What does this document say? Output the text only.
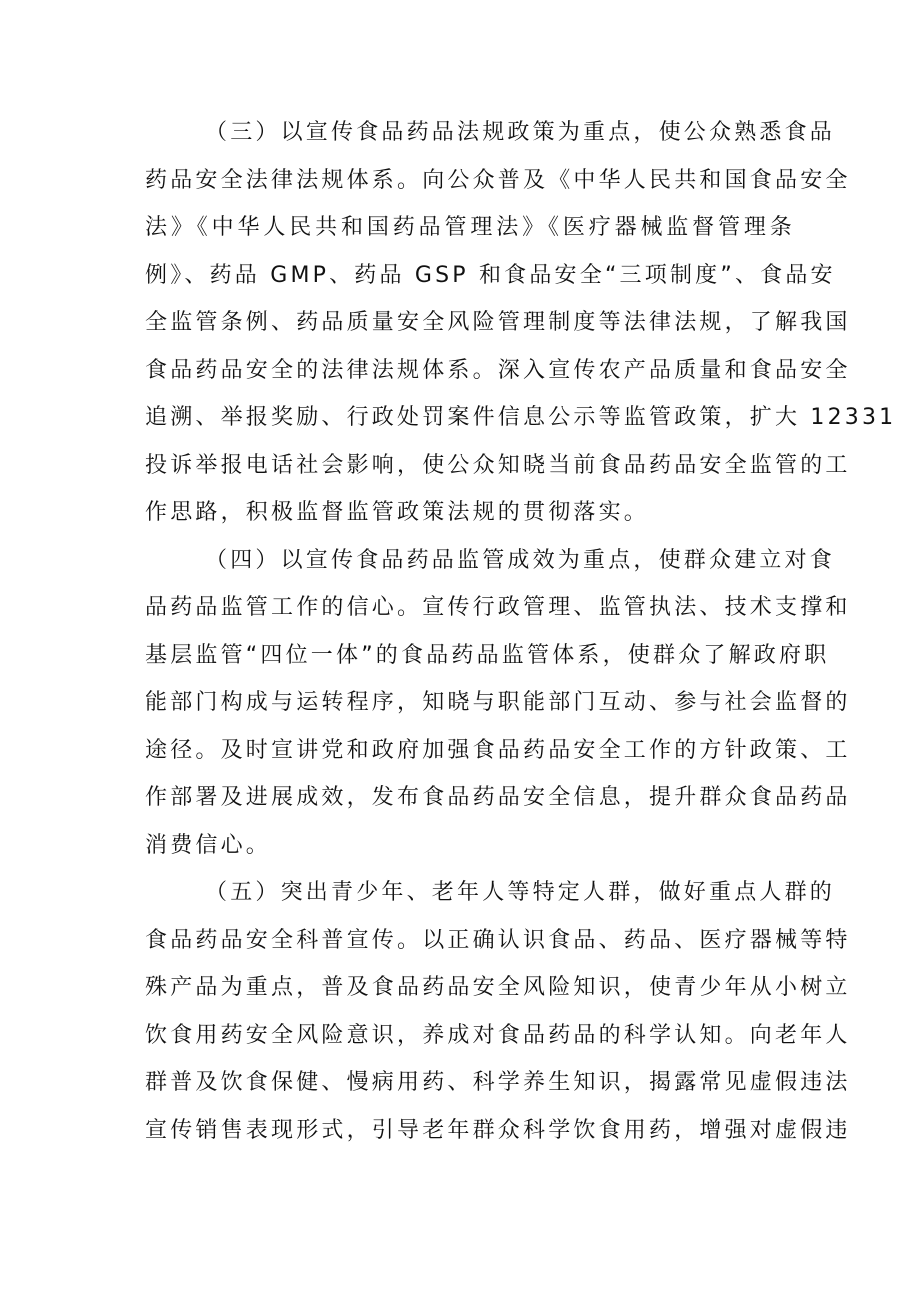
（三）以宣传食品药品法规政策为重点，使公众熟悉食品
药品安全法律法规体系。向公众普及《中华人民共和国食品安全
法》《中华人民共和国药品管理法》《医疗器械监督管理条
例》、药品 GMP、药品 GSP 和食品安全“三项制度”、食品安
全监管条例、药品质量安全风险管理制度等法律法规，了解我国
食品药品安全的法律法规体系。深入宣传农产品质量和食品安全
追溯、举报奖励、行政处罚案件信息公示等监管政策，扩大 12331
投诉举报电话社会影响，使公众知晓当前食品药品安全监管的工
作思路，积极监督监管政策法规的贯彻落实。
（四）以宣传食品药品监管成效为重点，使群众建立对食
品药品监管工作的信心。宣传行政管理、监管执法、技术支撑和
基层监管“四位一体”的食品药品监管体系，使群众了解政府职
能部门构成与运转程序，知晓与职能部门互动、参与社会监督的
途径。及时宣讲党和政府加强食品药品安全工作的方针政策、工
作部署及进展成效，发布食品药品安全信息，提升群众食品药品
消费信心。
（五）突出青少年、老年人等特定人群，做好重点人群的
食品药品安全科普宣传。以正确认识食品、药品、医疗器械等特
殊产品为重点，普及食品药品安全风险知识，使青少年从小树立
饮食用药安全风险意识，养成对食品药品的科学认知。向老年人
群普及饮食保健、慢病用药、科学养生知识，揭露常见虚假违法
宣传销售表现形式，引导老年群众科学饮食用药，增强对虚假违
